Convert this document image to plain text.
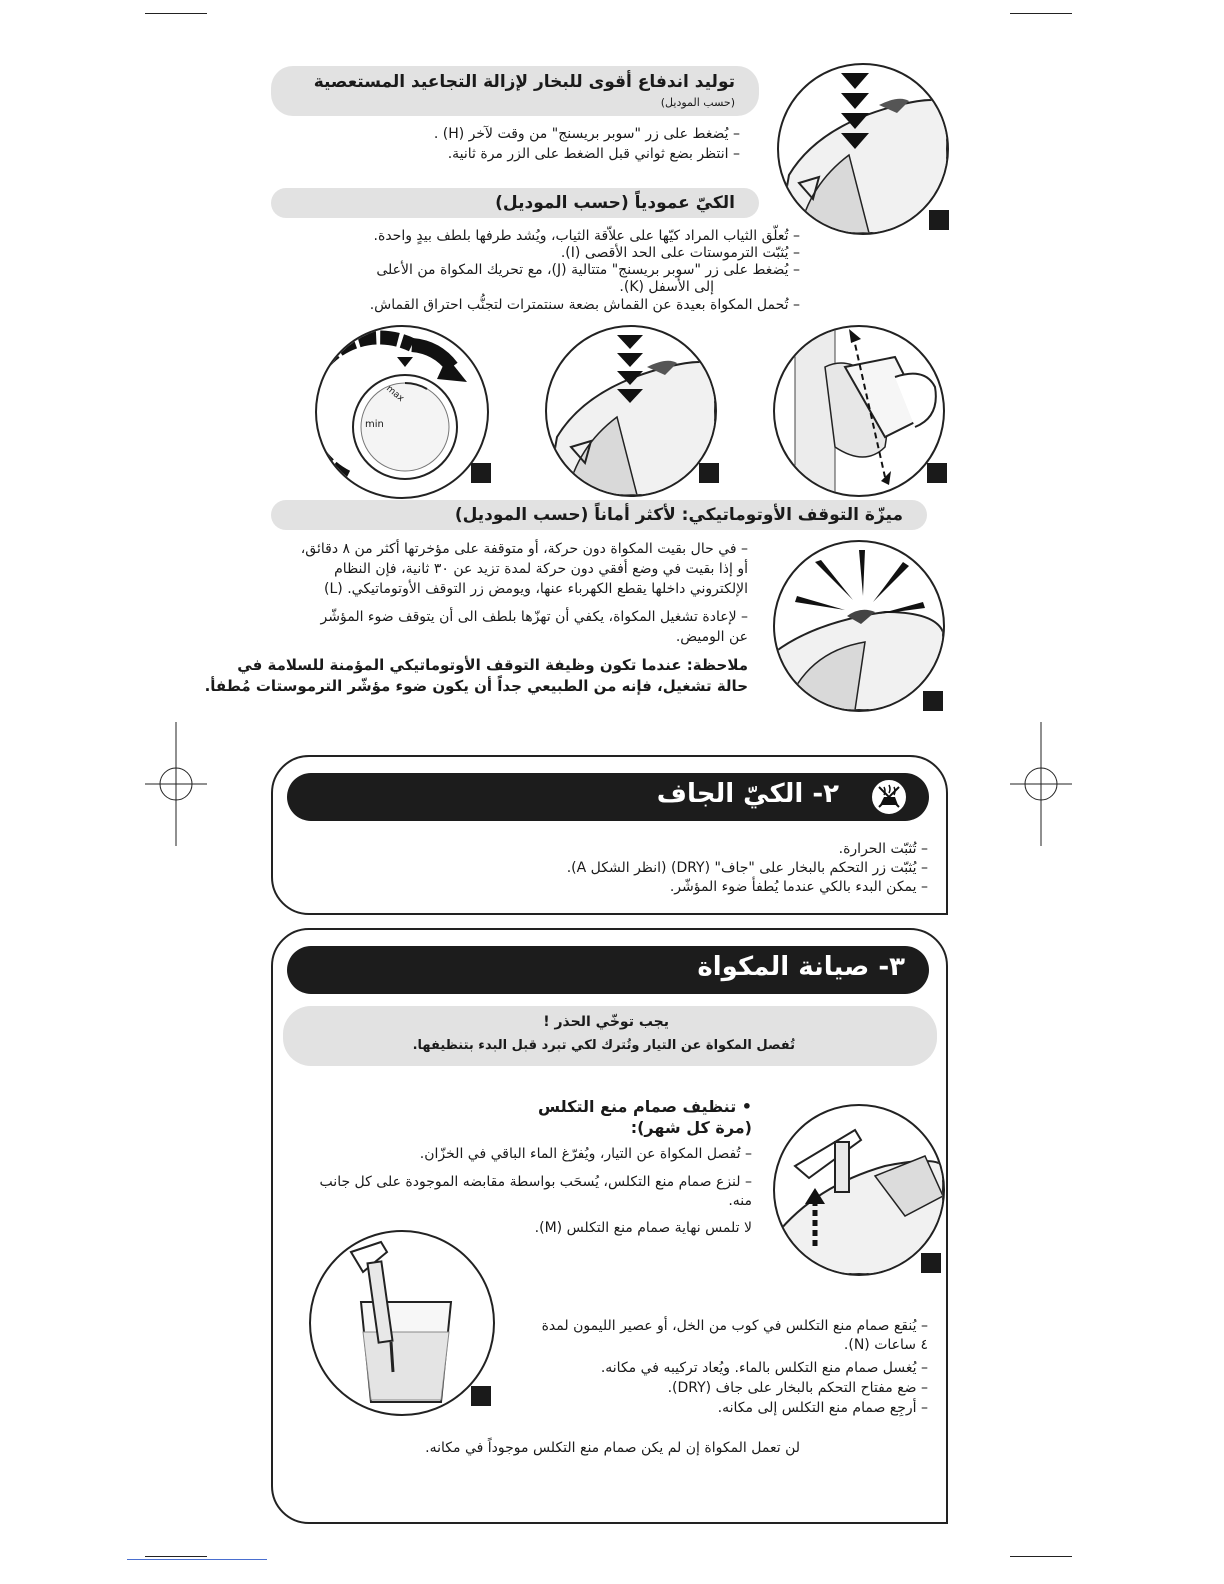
توليد اندفاع أقوى للبخار لإزالة التجاعيد المستعصية
(حسب الموديل)
– يُضغط على زر "سوبر بريسنج" من وقت لآخر (H) .
– انتظر بضع ثواني قبل الضغط على الزر مرة ثانية.
الكيّ عمودياً (حسب الموديل)
– تُعلّق الثياب المراد كيّها على علاّقة الثياب، ويُشد طرفها بلطف بيدٍ واحدة.
– يُثبّت الترموستات على الحد الأقصى (I).
– يُضغط على زر "سوبر بريسنج" متتالية (J)، مع تحريك المكواة من الأعلى
إلى الأسفل (K).
– تُحمل المكواة بعيدة عن القماش بضعة سنتمترات لتجنُّب احتراق القماش.
min
max
ميزّة التوقف الأوتوماتيكي: لأكثر أماناً (حسب الموديل)
– في حال بقيت المكواة دون حركة، أو متوقفة على مؤخرتها أكثر من ٨ دقائق،
أو إذا بقيت في وضع أفقي دون حركة لمدة تزيد عن ٣٠ ثانية، فإن النظام
الإلكتروني داخلها يقطع الكهرباء عنها، ويومض زر التوقف الأوتوماتيكي. (L)
– لإعادة تشغيل المكواة، يكفي أن تهزّها بلطف الى أن يتوقف ضوء المؤشّر
عن الوميض.
ملاحظة: عندما تكون وظيفة التوقف الأوتوماتيكي المؤمنة للسلامة في
حالة تشغيل، فإنه من الطبيعي جداً أن يكون ضوء مؤشّر الترموستات مُطفأ.
٢- الكيّ الجاف
– تُثبّت الحرارة.
– يُثبّت زر التحكم بالبخار على "جاف" (DRY) (انظر الشكل A).
– يمكن البدء بالكي عندما يُطفأ ضوء المؤشّر.
٣- صيانة المكواة
يجب توخّي الحذر !
تُفصل المكواة عن التيار وتُترك لكي تبرد قبل البدء بتنظيفها.
• تنظيف صمام منع التكلس
(مرة كل شهر):
– تُفصل المكواة عن التيار، ويُفرّغ الماء الباقي في الخزّان.
– لنزع صمام منع التكلس، يُسحَب بواسطة مقابضه الموجودة على كل جانب
منه.
لا تلمس نهاية صمام منع التكلس (M).
– يُنقع صمام منع التكلس في كوب من الخل، أو عصير الليمون لمدة
٤ ساعات (N).
– يُغسل صمام منع التكلس بالماء. ويُعاد تركيبه في مكانه.
– ضع مفتاح التحكم بالبخار على جاف (DRY).
– أرجِع صمام منع التكلس إلى مكانه.
لن تعمل المكواة إن لم يكن صمام منع التكلس موجوداً في مكانه.
